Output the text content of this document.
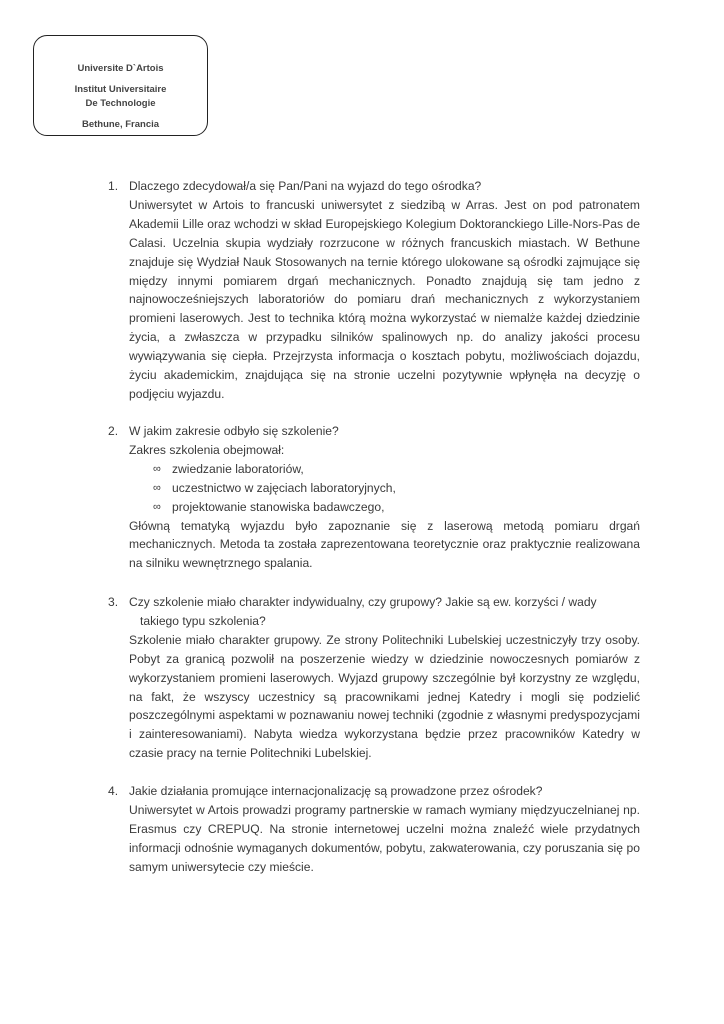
Universite D`Artois
Institut Universitaire
De Technologie
Bethune, Francia
1. Dlaczego zdecydował/a się Pan/Pani na wyjazd do tego ośrodka?
Uniwersytet w Artois to francuski uniwersytet z siedzibą w Arras. Jest on pod patronatem Akademii Lille oraz wchodzi w skład Europejskiego Kolegium Doktoranckiego Lille-Nors-Pas de Calasi. Uczelnia skupia wydziały rozrzucone w różnych francuskich miastach. W Bethune znajduje się Wydział Nauk Stosowanych na ternie którego ulokowane są ośrodki zajmujące się między innymi pomiarem drgań mechanicznych. Ponadto znajdują się tam jedno z najnowocześniejszych laboratoriów do pomiaru drań mechanicznych z wykorzystaniem promieni laserowych. Jest to technika którą można wykorzystać w niemalże każdej dziedzinie życia, a zwłaszcza w przypadku silników spalinowych np. do analizy jakości procesu wywiązywania się ciepła. Przejrzysta informacja o kosztach pobytu, możliwościach dojazdu, życiu akademickim, znajdująca się na stronie uczelni pozytywnie wpłynęła na decyzję o podjęciu wyjazdu.
2. W jakim zakresie odbyło się szkolenie?
Zakres szkolenia obejmował:
∞ zwiedzanie laboratoriów,
∞ uczestnictwo w zajęciach laboratoryjnych,
∞ projektowanie stanowiska badawczego,
Główną tematyką wyjazdu było zapoznanie się z laserową metodą pomiaru drgań mechanicznych. Metoda ta została zaprezentowana teoretycznie oraz praktycznie realizowana na silniku wewnętrznego spalania.
3. Czy szkolenie miało charakter indywidualny, czy grupowy? Jakie są ew. korzyści / wady
takiego typu szkolenia?
Szkolenie miało charakter grupowy. Ze strony Politechniki Lubelskiej uczestniczyły trzy osoby. Pobyt za granicą pozwolił na poszerzenie wiedzy w dziedzinie nowoczesnych pomiarów z wykorzystaniem promieni laserowych. Wyjazd grupowy szczególnie był korzystny ze względu, na fakt, że wszyscy uczestnicy są pracownikami jednej Katedry i mogli się podzielić poszczególnymi aspektami w poznawaniu nowej techniki (zgodnie z własnymi predyspozycjami i zainteresowaniami). Nabyta wiedza wykorzystana będzie przez pracowników Katedry w czasie pracy na ternie Politechniki Lubelskiej.
4. Jakie działania promujące internacjonalizację są prowadzone przez ośrodek?
Uniwersytet w Artois prowadzi programy partnerskie w ramach wymiany międzyuczelnianej np. Erasmus czy CREPUQ. Na stronie internetowej uczelni można znaleźć wiele przydatnych informacji odnośnie wymaganych dokumentów, pobytu, zakwaterowania, czy poruszania się po samym uniwersytecie czy mieście.
